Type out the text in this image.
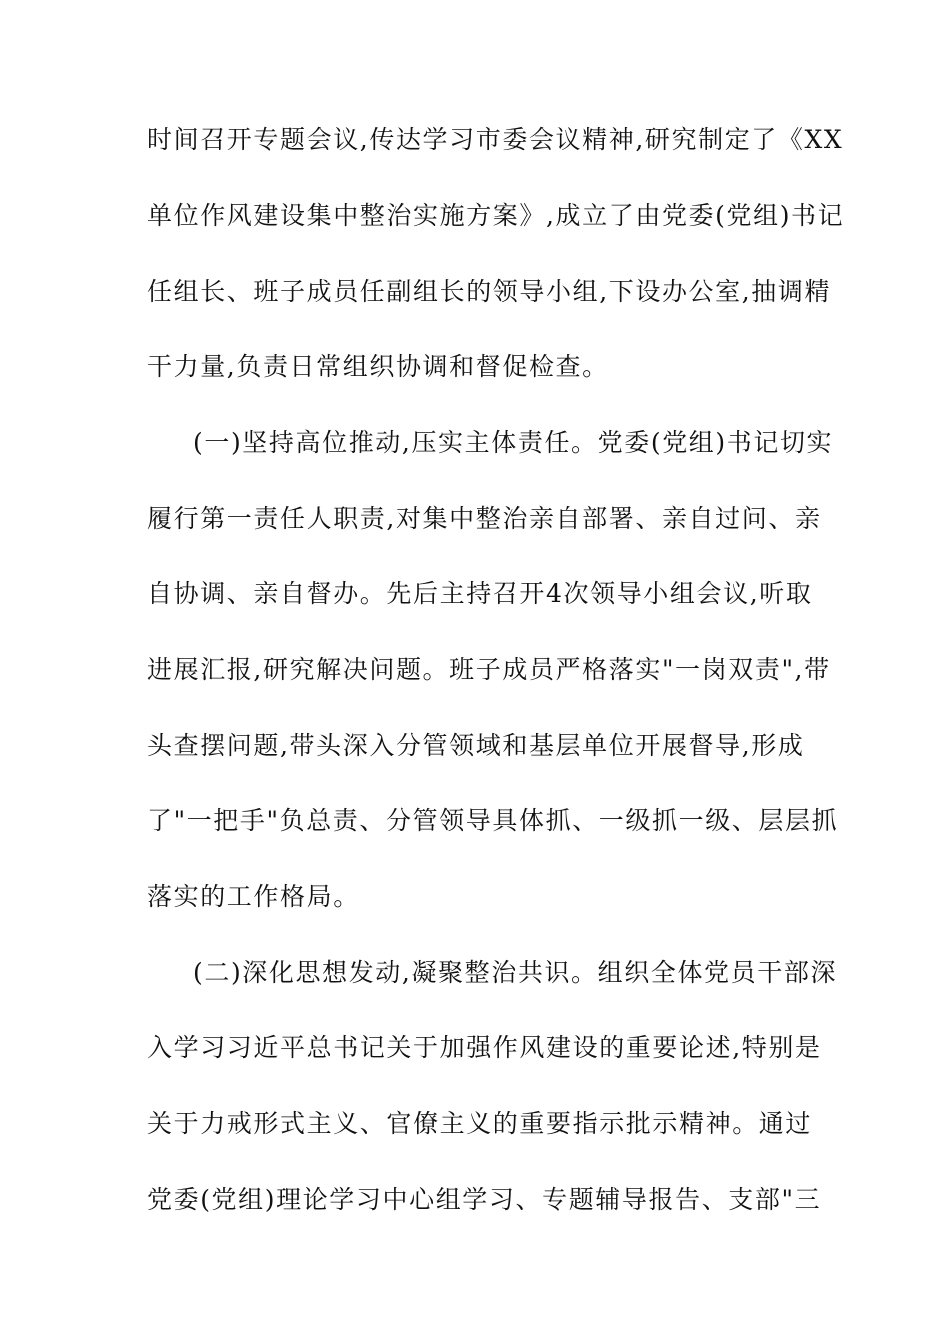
时间召开专题会议,传达学习市委会议精神,研究制定了《XX
单位作风建设集中整治实施方案》,成立了由党委(党组)书记
任组长、班子成员任副组长的领导小组,下设办公室,抽调精
干力量,负责日常组织协调和督促检查。
(一)坚持高位推动,压实主体责任。党委(党组)书记切实
履行第一责任人职责,对集中整治亲自部署、亲自过问、亲
自协调、亲自督办。先后主持召开4次领导小组会议,听取
进展汇报,研究解决问题。班子成员严格落实"一岗双责",带
头查摆问题,带头深入分管领域和基层单位开展督导,形成
了"一把手"负总责、分管领导具体抓、一级抓一级、层层抓
落实的工作格局。
(二)深化思想发动,凝聚整治共识。组织全体党员干部深
入学习习近平总书记关于加强作风建设的重要论述,特别是
关于力戒形式主义、官僚主义的重要指示批示精神。通过
党委(党组)理论学习中心组学习、专题辅导报告、支部"三
